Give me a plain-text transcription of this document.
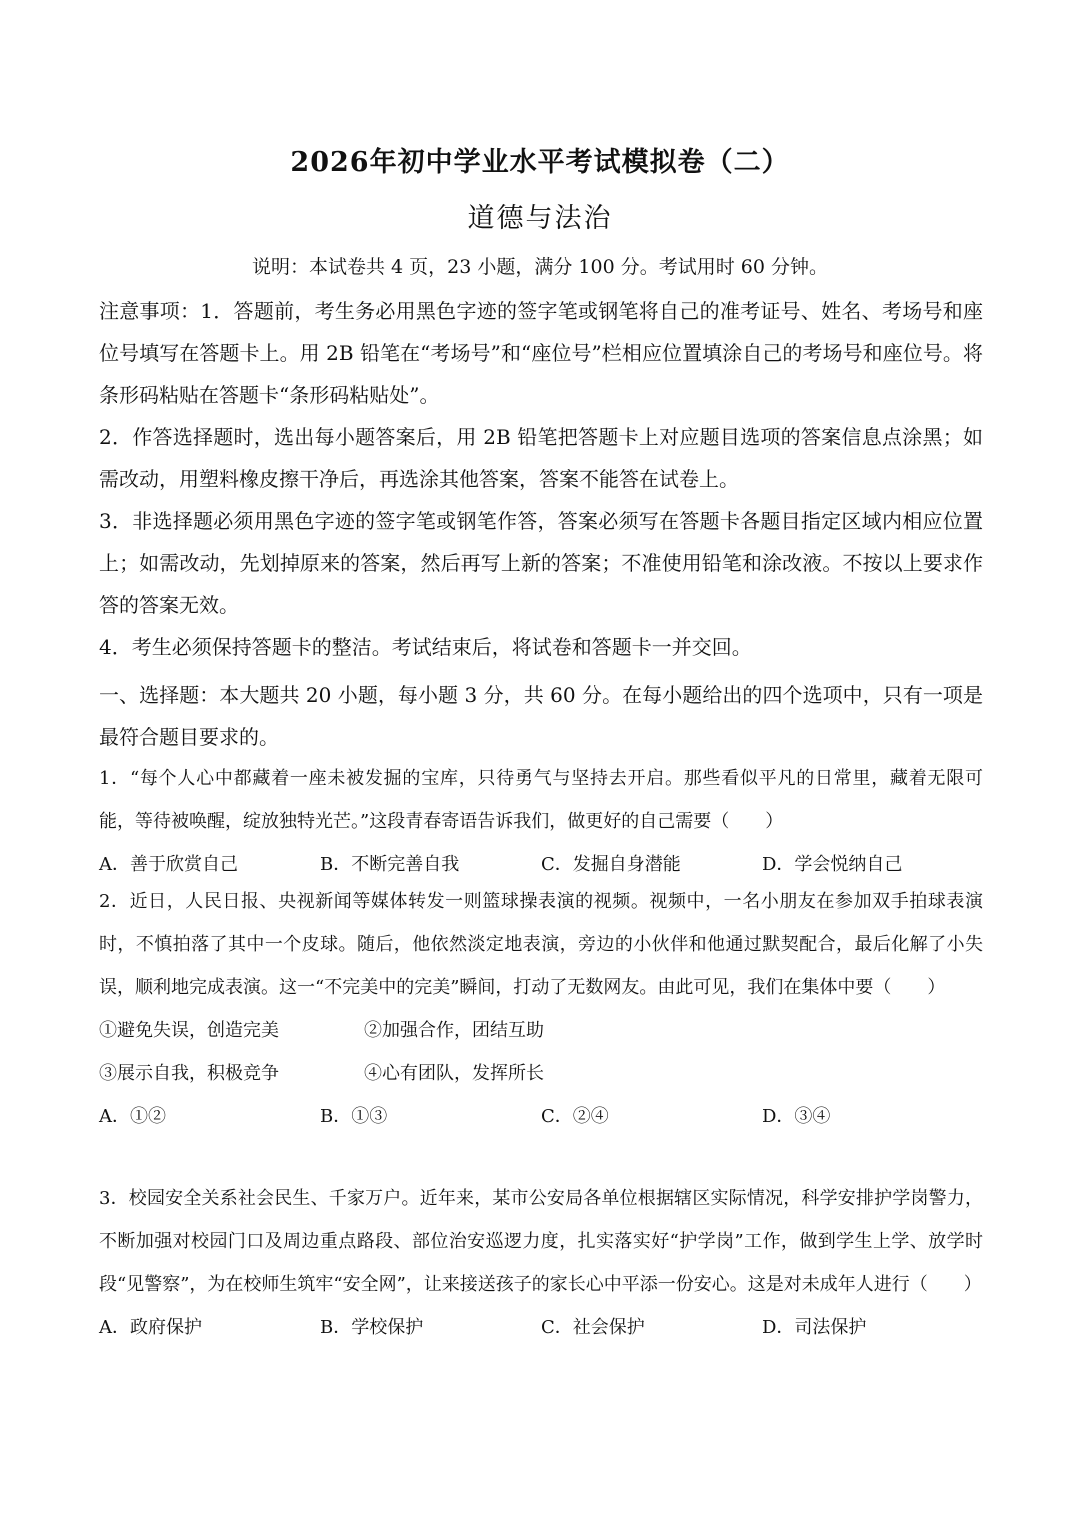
2026年初中学业水平考试模拟卷（二）
道德与法治
说明：本试卷共 4 页，23 小题，满分 100 分。考试用时 60 分钟。

注意事项：1．答题前，考生务必用黑色字迹的签字笔或钢笔将自己的准考证号、姓名、考场号和座位号填写在答题卡上。用 2B 铅笔在“考场号”和“座位号”栏相应位置填涂自己的考场号和座位号。将条形码粘贴在答题卡“条形码粘贴处”。

2．作答选择题时，选出每小题答案后，用 2B 铅笔把答题卡上对应题目选项的答案信息点涂黑；如需改动，用塑料橡皮擦干净后，再选涂其他答案，答案不能答在试卷上。

3．非选择题必须用黑色字迹的签字笔或钢笔作答，答案必须写在答题卡各题目指定区域内相应位置上；如需改动，先划掉原来的答案，然后再写上新的答案；不准使用铅笔和涂改液。不按以上要求作答的答案无效。

4．考生必须保持答题卡的整洁。考试结束后，将试卷和答题卡一并交回。

一、选择题：本大题共 20 小题，每小题 3 分，共 60 分。在每小题给出的四个选项中，只有一项是最符合题目要求的。

1．“每个人心中都藏着一座未被发掘的宝库，只待勇气与坚持去开启。那些看似平凡的日常里，藏着无限可能，等待被唤醒，绽放独特光芒。”这段青春寄语告诉我们，做更好的自己需要（　　）

A．善于欣赏自己	B．不断完善自我	C．发掘自身潜能	D．学会悦纳自己

2．近日，人民日报、央视新闻等媒体转发一则篮球操表演的视频。视频中，一名小朋友在参加双手拍球表演时，不慎拍落了其中一个皮球。随后，他依然淡定地表演，旁边的小伙伴和他通过默契配合，最后化解了小失误，顺利地完成表演。这一“不完美中的完美”瞬间，打动了无数网友。由此可见，我们在集体中要（　　）

①避免失误，创造完美	②加强合作，团结互助
③展示自我，积极竞争	④心有团队，发挥所长
A．①②	B．①③	C．②④	D．③④

3．校园安全关系社会民生、千家万户。近年来，某市公安局各单位根据辖区实际情况，科学安排护学岗警力，不断加强对校园门口及周边重点路段、部位治安巡逻力度，扎实落实好“护学岗”工作，做到学生上学、放学时段“见警察”，为在校师生筑牢“安全网”，让来接送孩子的家长心中平添一份安心。这是对未成年人进行（　　）

A．政府保护	B．学校保护	C．社会保护	D．司法保护
